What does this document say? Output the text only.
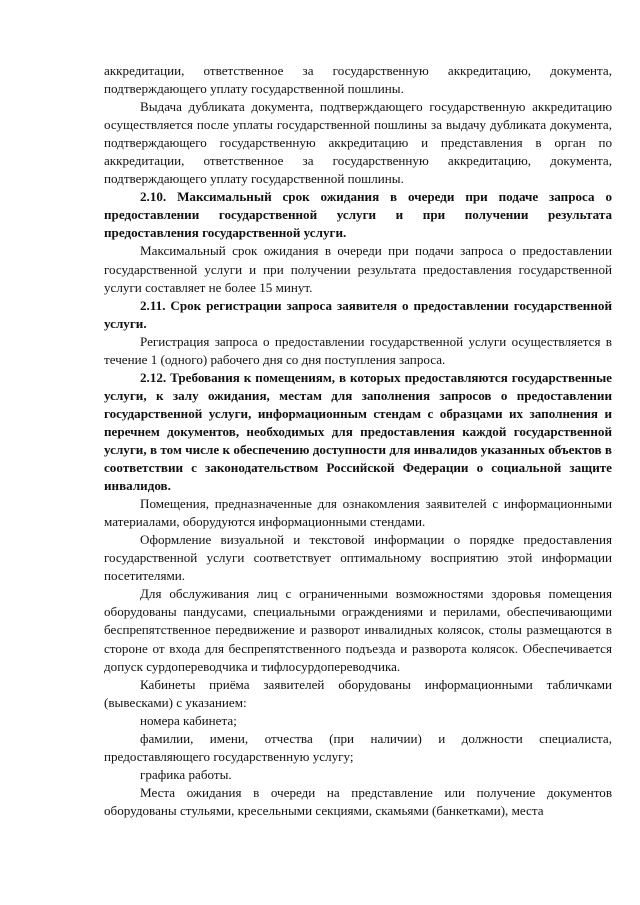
аккредитации, ответственное за государственную аккредитацию, документа, подтверждающего уплату государственной пошлины.

Выдача дубликата документа, подтверждающего государственную аккредитацию осуществляется после уплаты государственной пошлины за выдачу дубликата документа, подтверждающего государственную аккредитацию и представления в орган по аккредитации, ответственное за государственную аккредитацию, документа, подтверждающего уплату государственной пошлины.

2.10. Максимальный срок ожидания в очереди при подаче запроса о предоставлении государственной услуги и при получении результата предоставления государственной услуги.

Максимальный срок ожидания в очереди при подачи запроса о предоставлении государственной услуги и при получении результата предоставления государственной услуги составляет не более 15 минут.

2.11. Срок регистрации запроса заявителя о предоставлении государственной услуги.

Регистрация запроса о предоставлении государственной услуги осуществляется в течение 1 (одного) рабочего дня со дня поступления запроса.

2.12. Требования к помещениям, в которых предоставляются государственные услуги, к залу ожидания, местам для заполнения запросов о предоставлении государственной услуги, информационным стендам с образцами их заполнения и перечнем документов, необходимых для предоставления каждой государственной услуги, в том числе к обеспечению доступности для инвалидов указанных объектов в соответствии с законодательством Российской Федерации о социальной защите инвалидов.

Помещения, предназначенные для ознакомления заявителей с информационными материалами, оборудуются информационными стендами.

Оформление визуальной и текстовой информации о порядке предоставления государственной услуги соответствует оптимальному восприятию этой информации посетителями.

Для обслуживания лиц с ограниченными возможностями здоровья помещения оборудованы пандусами, специальными ограждениями и перилами, обеспечивающими беспрепятственное передвижение и разворот инвалидных колясок, столы размещаются в стороне от входа для беспрепятственного подъезда и разворота колясок. Обеспечивается допуск сурдопереводчика и тифлосурдопереводчика.

Кабинеты приёма заявителей оборудованы информационными табличками (вывесками) с указанием:

номера кабинета;

фамилии, имени, отчества (при наличии) и должности специалиста, предоставляющего государственную услугу;

графика работы.

Места ожидания в очереди на представление или получение документов оборудованы стульями, кресельными секциями, скамьями (банкетками), места
